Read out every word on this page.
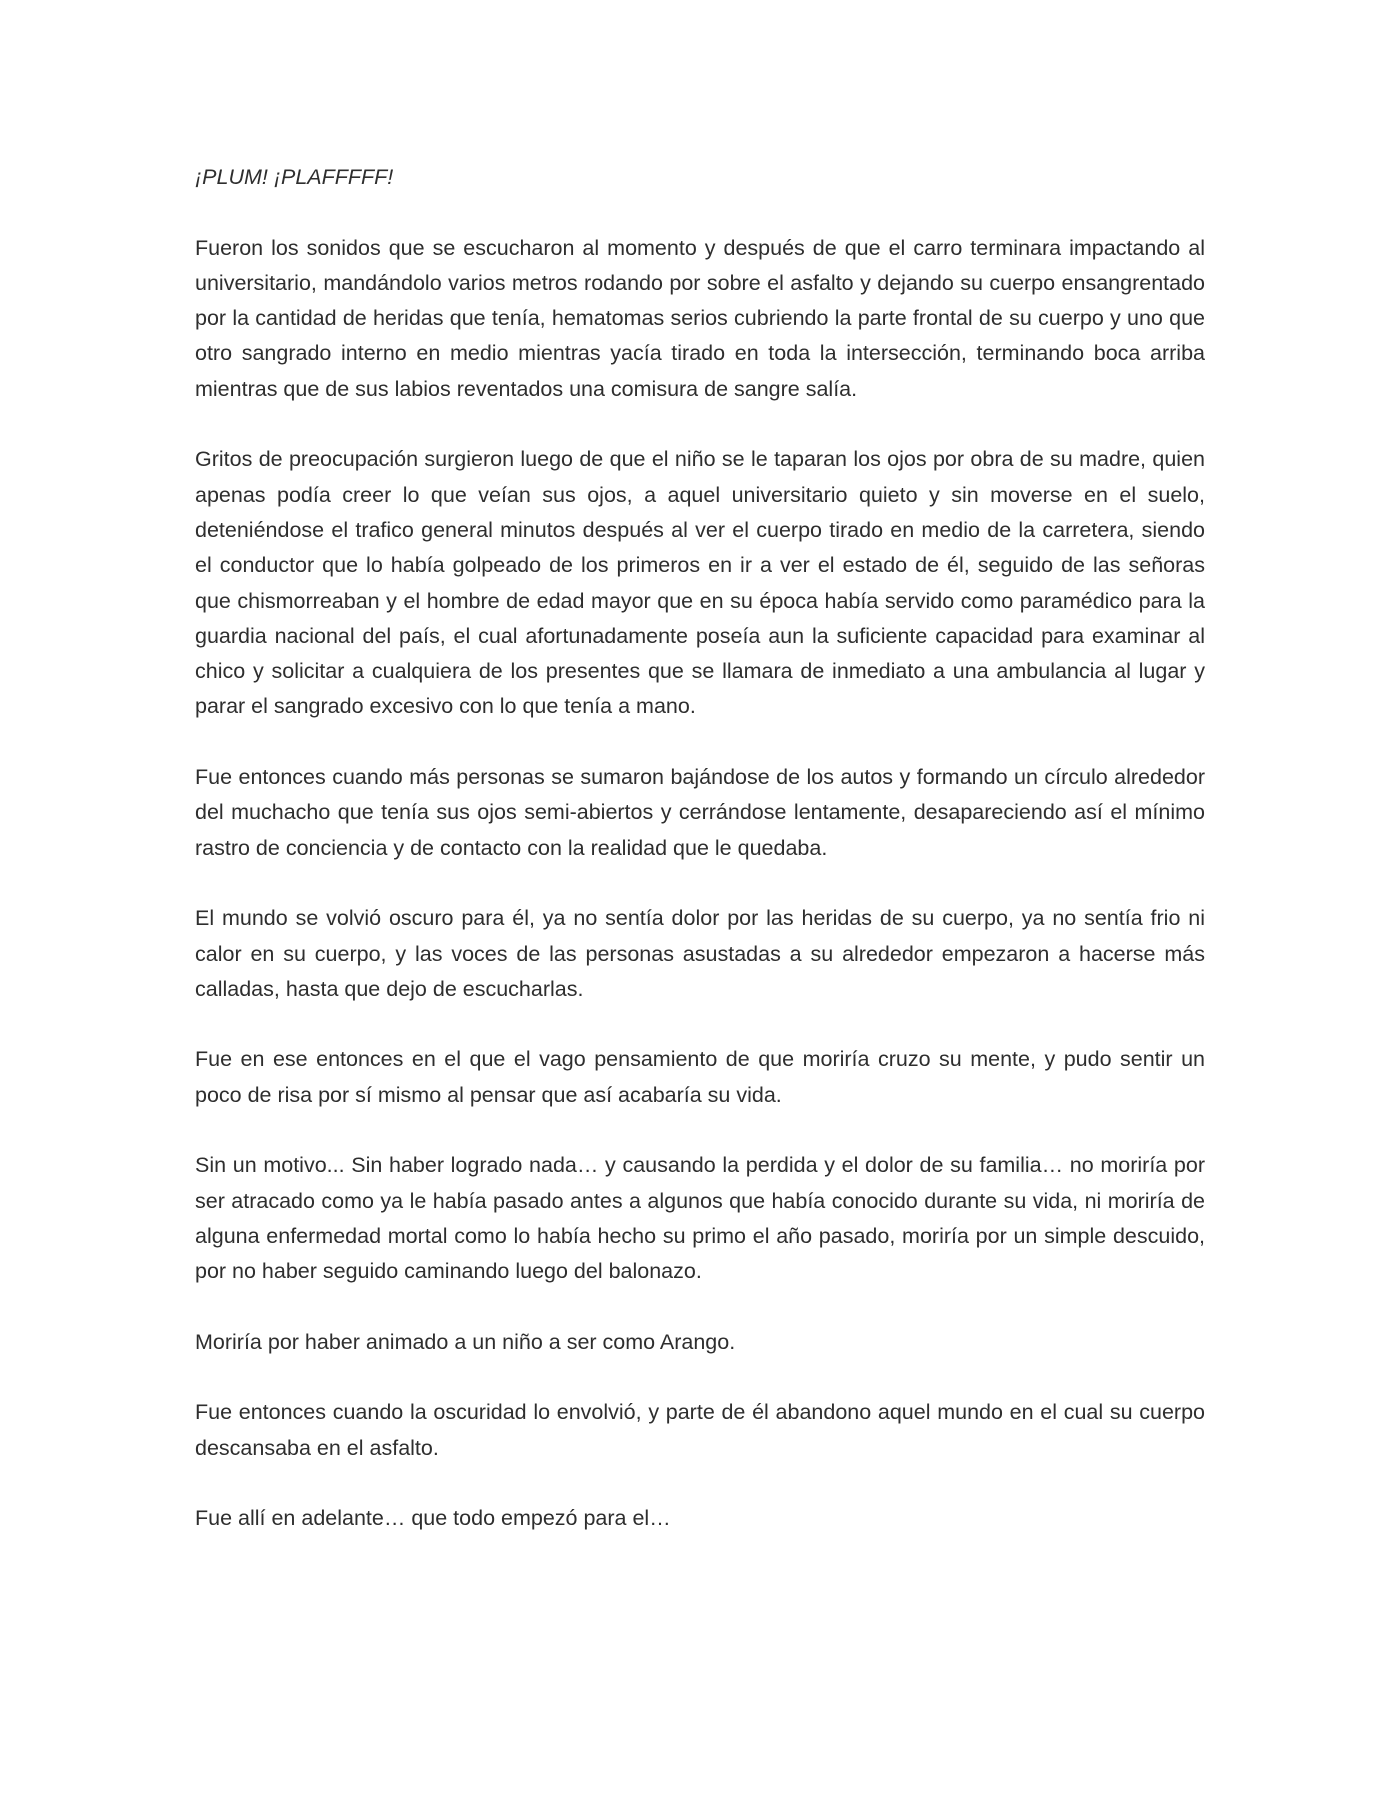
¡PLUM! ¡PLAFFFFF!

Fueron los sonidos que se escucharon al momento y después de que el carro terminara impactando al universitario, mandándolo varios metros rodando por sobre el asfalto y dejando su cuerpo ensangrentado por la cantidad de heridas que tenía, hematomas serios cubriendo la parte frontal de su cuerpo y uno que otro sangrado interno en medio mientras yacía tirado en toda la intersección, terminando boca arriba mientras que de sus labios reventados una comisura de sangre salía.

Gritos de preocupación surgieron luego de que el niño se le taparan los ojos por obra de su madre, quien apenas podía creer lo que veían sus ojos, a aquel universitario quieto y sin moverse en el suelo, deteniéndose el trafico general minutos después al ver el cuerpo tirado en medio de la carretera, siendo el conductor que lo había golpeado de los primeros en ir a ver el estado de él, seguido de las señoras que chismorreaban y el hombre de edad mayor que en su época había servido como paramédico para la guardia nacional del país, el cual afortunadamente poseía aun la suficiente capacidad para examinar al chico y solicitar a cualquiera de los presentes que se llamara de inmediato a una ambulancia al lugar y parar el sangrado excesivo con lo que tenía a mano.

Fue entonces cuando más personas se sumaron bajándose de los autos y formando un círculo alrededor del muchacho que tenía sus ojos semi-abiertos y cerrándose lentamente, desapareciendo así el mínimo rastro de conciencia y de contacto con la realidad que le quedaba.

El mundo se volvió oscuro para él, ya no sentía dolor por las heridas de su cuerpo, ya no sentía frio ni calor en su cuerpo, y las voces de las personas asustadas a su alrededor empezaron a hacerse más calladas, hasta que dejo de escucharlas.

Fue en ese entonces en el que el vago pensamiento de que moriría cruzo su mente, y pudo sentir un poco de risa por sí mismo al pensar que así acabaría su vida.

Sin un motivo... Sin haber logrado nada… y causando la perdida y el dolor de su familia… no moriría por ser atracado como ya le había pasado antes a algunos que había conocido durante su vida, ni moriría de alguna enfermedad mortal como lo había hecho su primo el año pasado, moriría por un simple descuido, por no haber seguido caminando luego del balonazo.

Moriría por haber animado a un niño a ser como Arango.

Fue entonces cuando la oscuridad lo envolvió, y parte de él abandono aquel mundo en el cual su cuerpo descansaba en el asfalto.

Fue allí en adelante… que todo empezó para el…
